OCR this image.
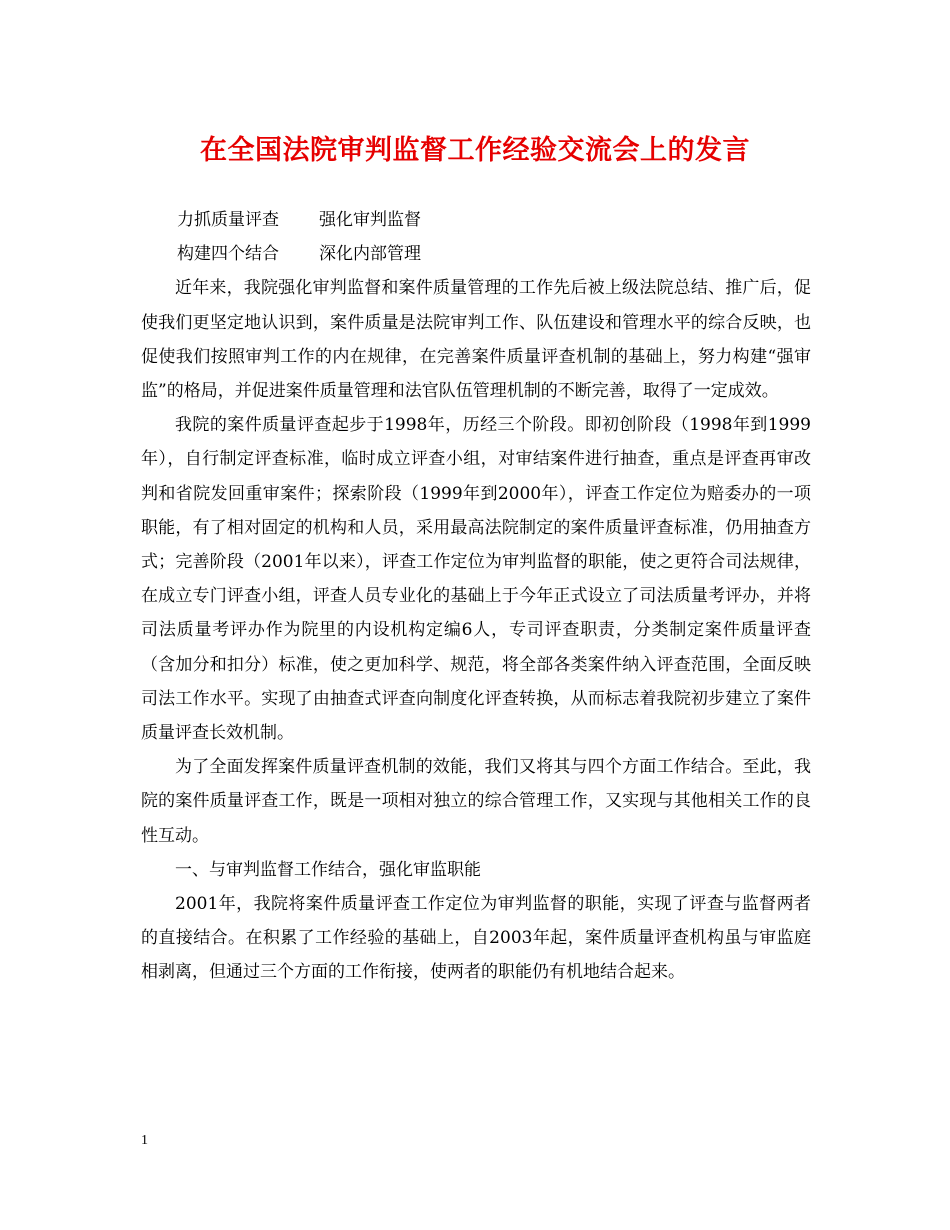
在全国法院审判监督工作经验交流会上的发言
力抓质量评查 强化审判监督
构建四个结合 深化内部管理

近年来，我院强化审判监督和案件质量管理的工作先后被上级法院总结、推广后，促使我们更坚定地认识到，案件质量是法院审判工作、队伍建设和管理水平的综合反映，也促使我们按照审判工作的内在规律，在完善案件质量评查机制的基础上，努力构建“强审监”的格局，并促进案件质量管理和法官队伍管理机制的不断完善，取得了一定成效。

我院的案件质量评查起步于1998年，历经三个阶段。即初创阶段（1998年到1999年），自行制定评查标准，临时成立评查小组，对审结案件进行抽查，重点是评查再审改判和省院发回重审案件；探索阶段（1999年到2000年），评查工作定位为赔委办的一项职能，有了相对固定的机构和人员，采用最高法院制定的案件质量评查标准，仍用抽查方式；完善阶段（2001年以来），评查工作定位为审判监督的职能，使之更符合司法规律，在成立专门评查小组，评查人员专业化的基础上于今年正式设立了司法质量考评办，并将司法质量考评办作为院里的内设机构定编6人，专司评查职责，分类制定案件质量评查（含加分和扣分）标准，使之更加科学、规范，将全部各类案件纳入评查范围，全面反映司法工作水平。实现了由抽查式评查向制度化评查转换，从而标志着我院初步建立了案件质量评查长效机制。

为了全面发挥案件质量评查机制的效能，我们又将其与四个方面工作结合。至此，我院的案件质量评查工作，既是一项相对独立的综合管理工作，又实现与其他相关工作的良性互动。

一、与审判监督工作结合，强化审监职能

2001年，我院将案件质量评查工作定位为审判监督的职能，实现了评查与监督两者的直接结合。在积累了工作经验的基础上，自2003年起，案件质量评查机构虽与审监庭相剥离，但通过三个方面的工作衔接，使两者的职能仍有机地结合起来。

1
